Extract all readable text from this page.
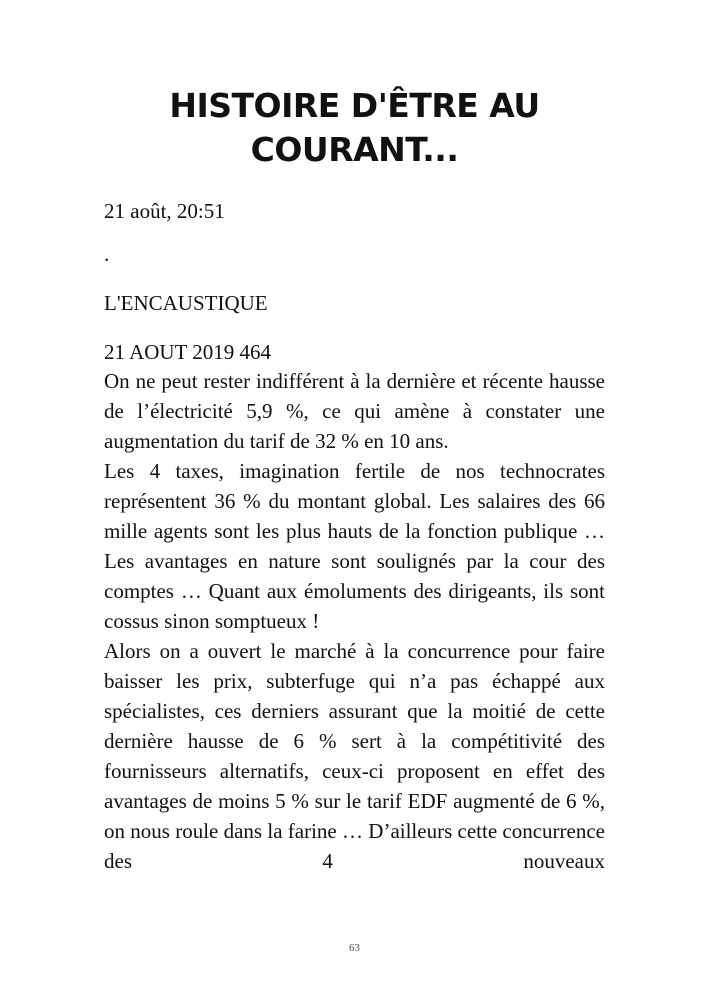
HISTOIRE D'ÊTRE AU
COURANT...

21 août, 20:51

.

L'ENCAUSTIQUE

21 AOUT 2019 464

On ne peut rester indifférent à la dernière et récente hausse de l’électricité 5,9 %, ce qui amène à constater une augmentation du tarif de 32 % en 10 ans.

Les 4 taxes, imagination fertile de nos technocrates représentent 36 % du montant global. Les salaires des 66 mille agents sont les plus hauts de la fonction publique … Les avantages en nature sont soulignés par la cour des comptes … Quant aux émoluments des dirigeants, ils sont cossus sinon somptueux !

Alors on a ouvert le marché à la concurrence pour faire baisser les prix, subterfuge qui n’a pas échappé aux spécialistes, ces derniers assurant que la moitié de cette dernière hausse de 6 % sert à la compétitivité des fournisseurs alternatifs, ceux-ci proposent en effet des avantages de moins 5 % sur le tarif EDF augmenté de 6 %, on nous roule dans la farine … D’ailleurs cette concurrence des 4 nouveaux

63
